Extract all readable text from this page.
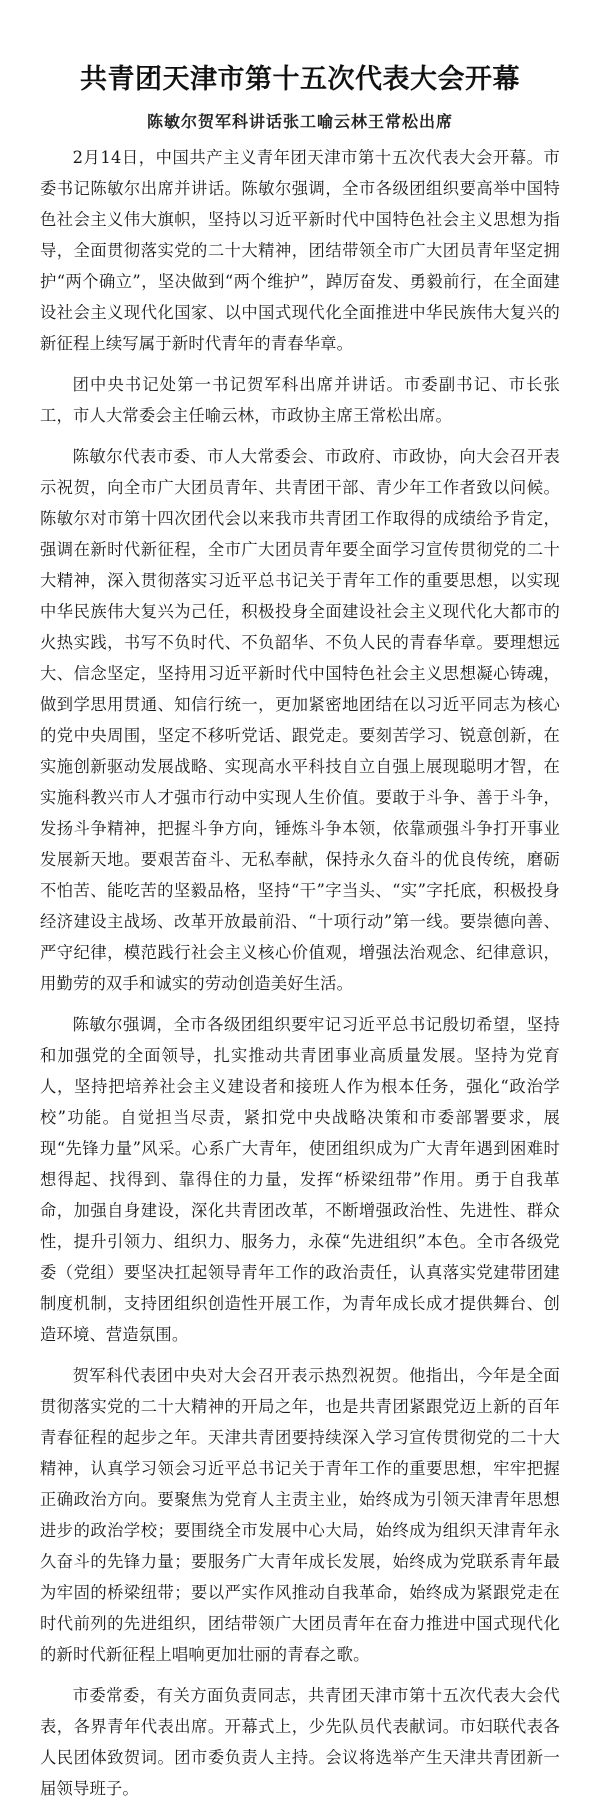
共青团天津市第十五次代表大会开幕
陈敏尔贺军科讲话张工喻云林王常松出席

2月14日，中国共产主义青年团天津市第十五次代表大会开幕。市委书记陈敏尔出席并讲话。陈敏尔强调，全市各级团组织要高举中国特色社会主义伟大旗帜，坚持以习近平新时代中国特色社会主义思想为指导，全面贯彻落实党的二十大精神，团结带领全市广大团员青年坚定拥护“两个确立”，坚决做到“两个维护”，踔厉奋发、勇毅前行，在全面建设社会主义现代化国家、以中国式现代化全面推进中华民族伟大复兴的新征程上续写属于新时代青年的青春华章。

团中央书记处第一书记贺军科出席并讲话。市委副书记、市长张工，市人大常委会主任喻云林，市政协主席王常松出席。

陈敏尔代表市委、市人大常委会、市政府、市政协，向大会召开表示祝贺，向全市广大团员青年、共青团干部、青少年工作者致以问候。陈敏尔对市第十四次团代会以来我市共青团工作取得的成绩给予肯定，强调在新时代新征程，全市广大团员青年要全面学习宣传贯彻党的二十大精神，深入贯彻落实习近平总书记关于青年工作的重要思想，以实现中华民族伟大复兴为己任，积极投身全面建设社会主义现代化大都市的火热实践，书写不负时代、不负韶华、不负人民的青春华章。要理想远大、信念坚定，坚持用习近平新时代中国特色社会主义思想凝心铸魂，做到学思用贯通、知信行统一，更加紧密地团结在以习近平同志为核心的党中央周围，坚定不移听党话、跟党走。要刻苦学习、锐意创新，在实施创新驱动发展战略、实现高水平科技自立自强上展现聪明才智，在实施科教兴市人才强市行动中实现人生价值。要敢于斗争、善于斗争，发扬斗争精神，把握斗争方向，锤炼斗争本领，依靠顽强斗争打开事业发展新天地。要艰苦奋斗、无私奉献，保持永久奋斗的优良传统，磨砺不怕苦、能吃苦的坚毅品格，坚持“干”字当头、“实”字托底，积极投身经济建设主战场、改革开放最前沿、“十项行动”第一线。要崇德向善、严守纪律，模范践行社会主义核心价值观，增强法治观念、纪律意识，用勤劳的双手和诚实的劳动创造美好生活。

陈敏尔强调，全市各级团组织要牢记习近平总书记殷切希望，坚持和加强党的全面领导，扎实推动共青团事业高质量发展。坚持为党育人，坚持把培养社会主义建设者和接班人作为根本任务，强化“政治学校”功能。自觉担当尽责，紧扣党中央战略决策和市委部署要求，展现“先锋力量”风采。心系广大青年，使团组织成为广大青年遇到困难时想得起、找得到、靠得住的力量，发挥“桥梁纽带”作用。勇于自我革命，加强自身建设，深化共青团改革，不断增强政治性、先进性、群众性，提升引领力、组织力、服务力，永葆“先进组织”本色。全市各级党委（党组）要坚决扛起领导青年工作的政治责任，认真落实党建带团建制度机制，支持团组织创造性开展工作，为青年成长成才提供舞台、创造环境、营造氛围。

贺军科代表团中央对大会召开表示热烈祝贺。他指出，今年是全面贯彻落实党的二十大精神的开局之年，也是共青团紧跟党迈上新的百年青春征程的起步之年。天津共青团要持续深入学习宣传贯彻党的二十大精神，认真学习领会习近平总书记关于青年工作的重要思想，牢牢把握正确政治方向。要聚焦为党育人主责主业，始终成为引领天津青年思想进步的政治学校；要围绕全市发展中心大局，始终成为组织天津青年永久奋斗的先锋力量；要服务广大青年成长发展，始终成为党联系青年最为牢固的桥梁纽带；要以严实作风推动自我革命，始终成为紧跟党走在时代前列的先进组织，团结带领广大团员青年在奋力推进中国式现代化的新时代新征程上唱响更加壮丽的青春之歌。

市委常委，有关方面负责同志，共青团天津市第十五次代表大会代表，各界青年代表出席。开幕式上，少先队员代表献词。市妇联代表各人民团体致贺词。团市委负责人主持。会议将选举产生天津共青团新一届领导班子。
